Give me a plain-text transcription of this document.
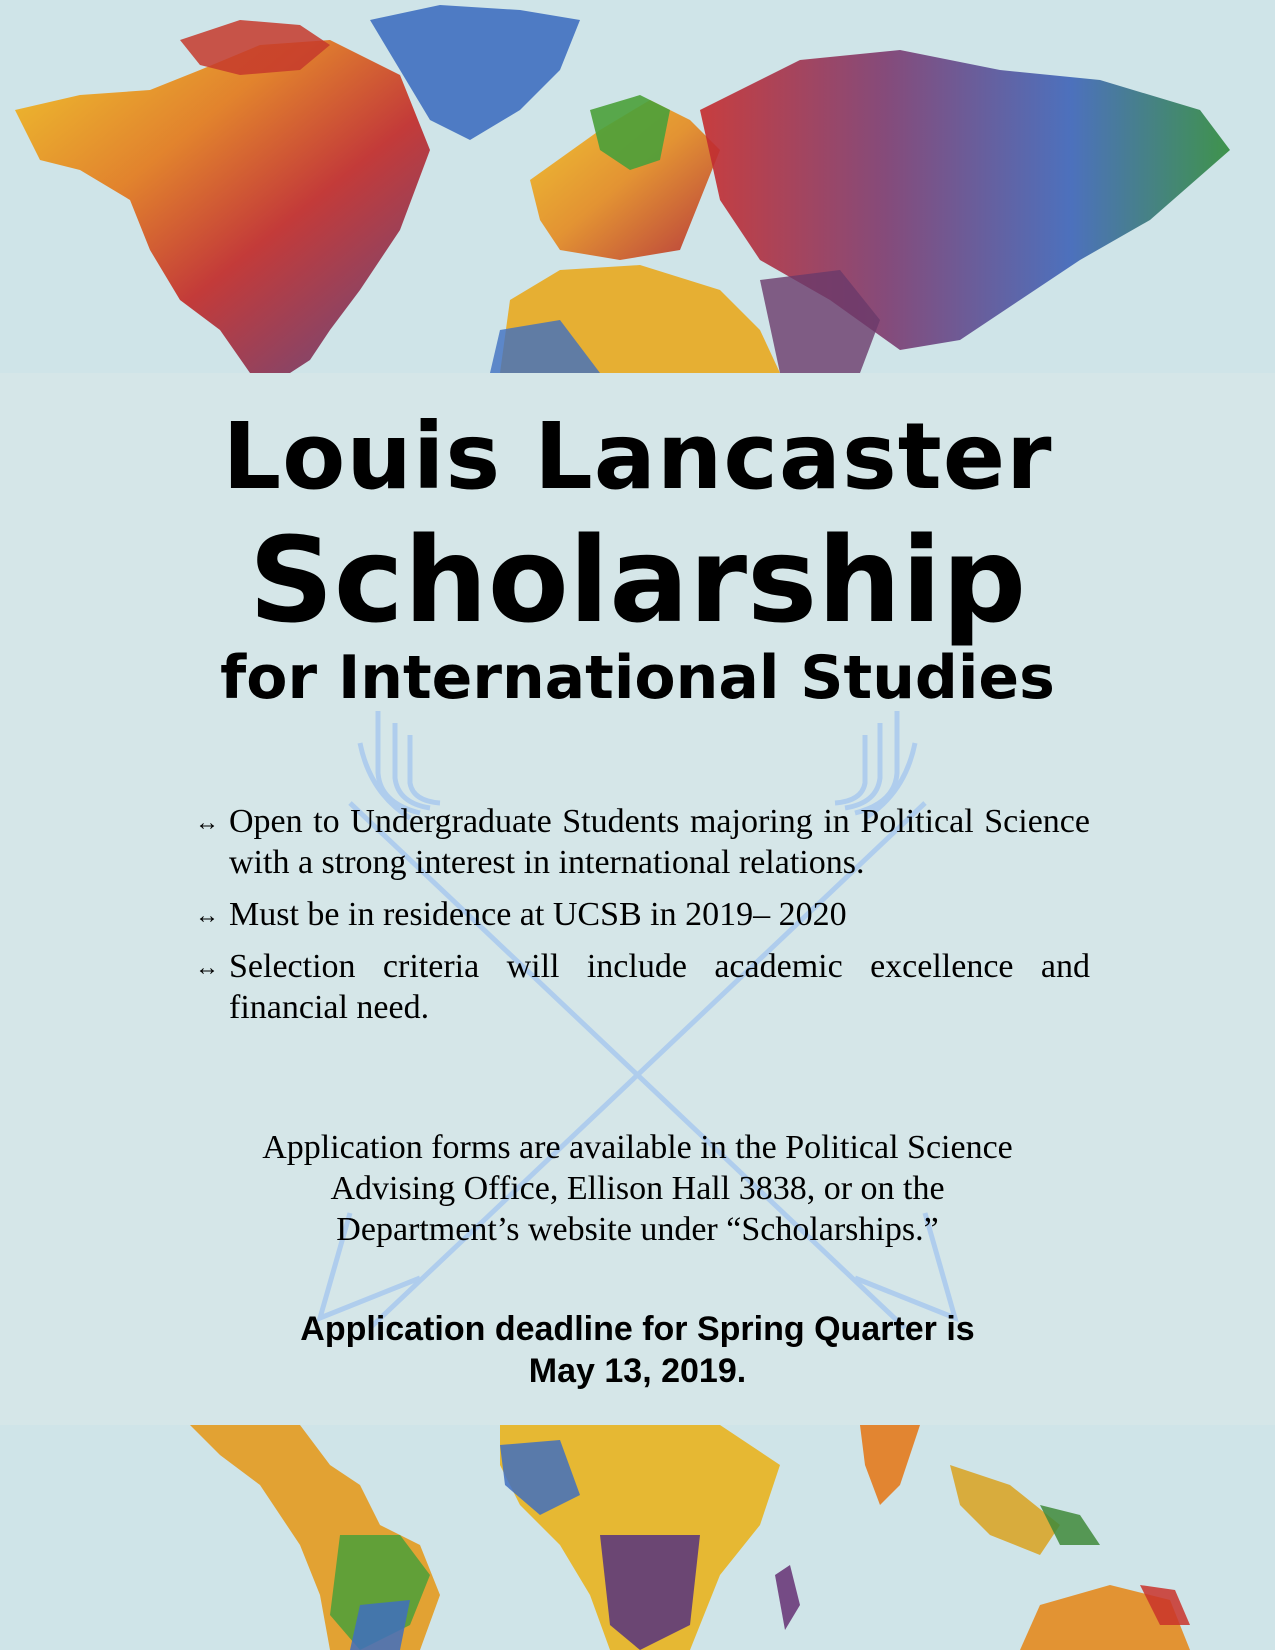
Louis Lancaster
Scholarship
for International Studies
↔ Open to Undergraduate Students majoring in Political Science with a strong interest in international relations.
↔ Must be in residence at UCSB in 2019– 2020
↔ Selection criteria will include academic excellence and financial need.
Application forms are available in the Political Science
Advising Office, Ellison Hall 3838, or on the
Department’s website under “Scholarships.”
Application deadline for Spring Quarter is
May 13, 2019.
